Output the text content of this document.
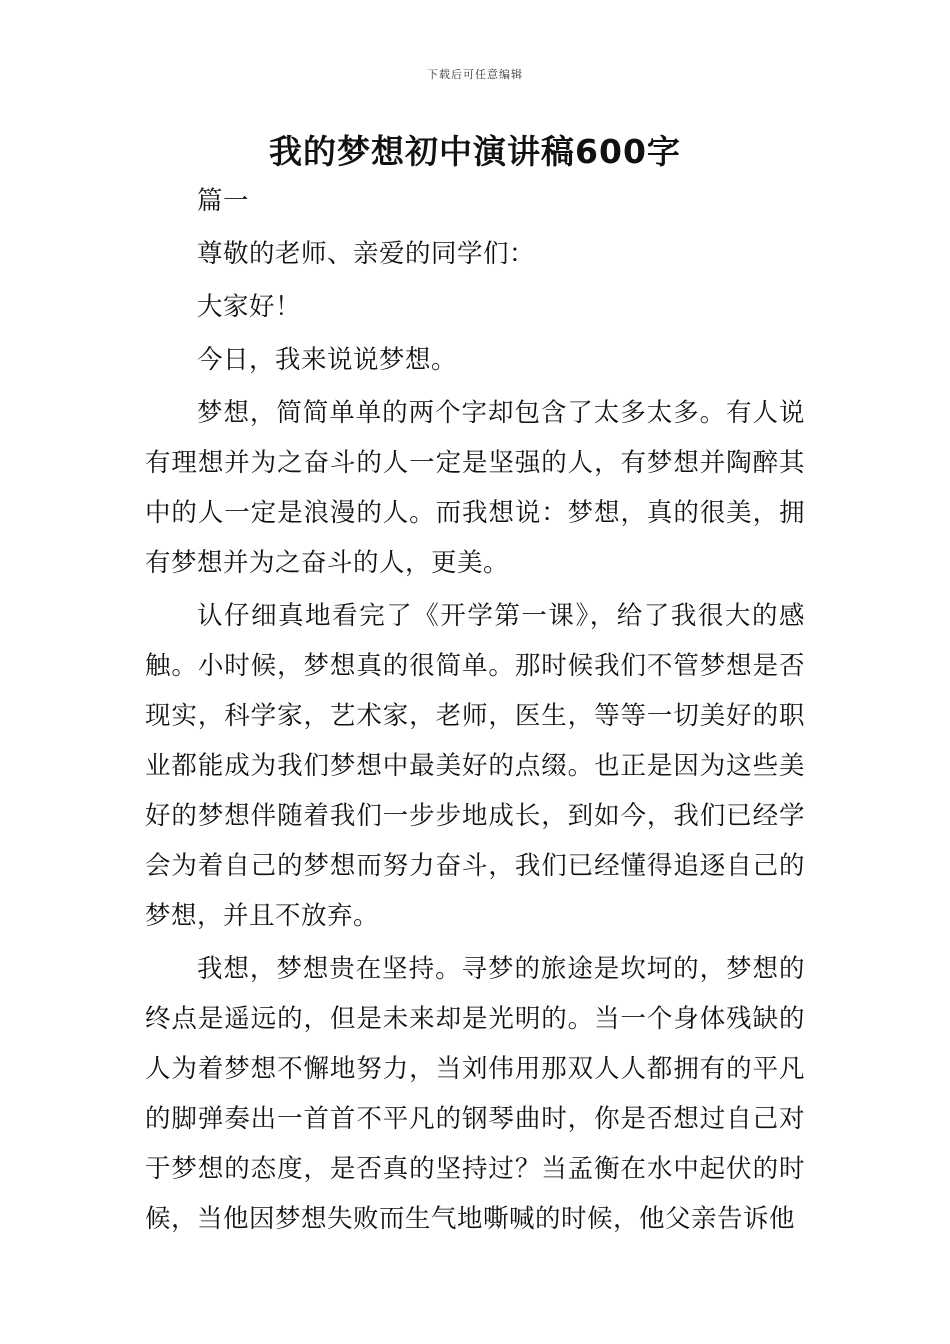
下载后可任意编辑
我的梦想初中演讲稿600字

篇一

尊敬的老师、亲爱的同学们：

大家好！

今日，我来说说梦想。

梦想，简简单单的两个字却包含了太多太多。有人说有理想并为之奋斗的人一定是坚强的人，有梦想并陶醉其中的人一定是浪漫的人。而我想说：梦想，真的很美，拥有梦想并为之奋斗的人，更美。

认仔细真地看完了《开学第一课》，给了我很大的感触。小时候，梦想真的很简单。那时候我们不管梦想是否现实，科学家，艺术家，老师，医生，等等一切美好的职业都能成为我们梦想中最美好的点缀。也正是因为这些美好的梦想伴随着我们一步步地成长，到如今，我们已经学会为着自己的梦想而努力奋斗，我们已经懂得追逐自己的梦想，并且不放弃。

我想，梦想贵在坚持。寻梦的旅途是坎坷的，梦想的终点是遥远的，但是未来却是光明的。当一个身体残缺的人为着梦想不懈地努力，当刘伟用那双人人都拥有的平凡的脚弹奏出一首首不平凡的钢琴曲时，你是否想过自己对于梦想的态度，是否真的坚持过？当孟衡在水中起伏的时候，当他因梦想失败而生气地嘶喊的时候，他父亲告诉他
